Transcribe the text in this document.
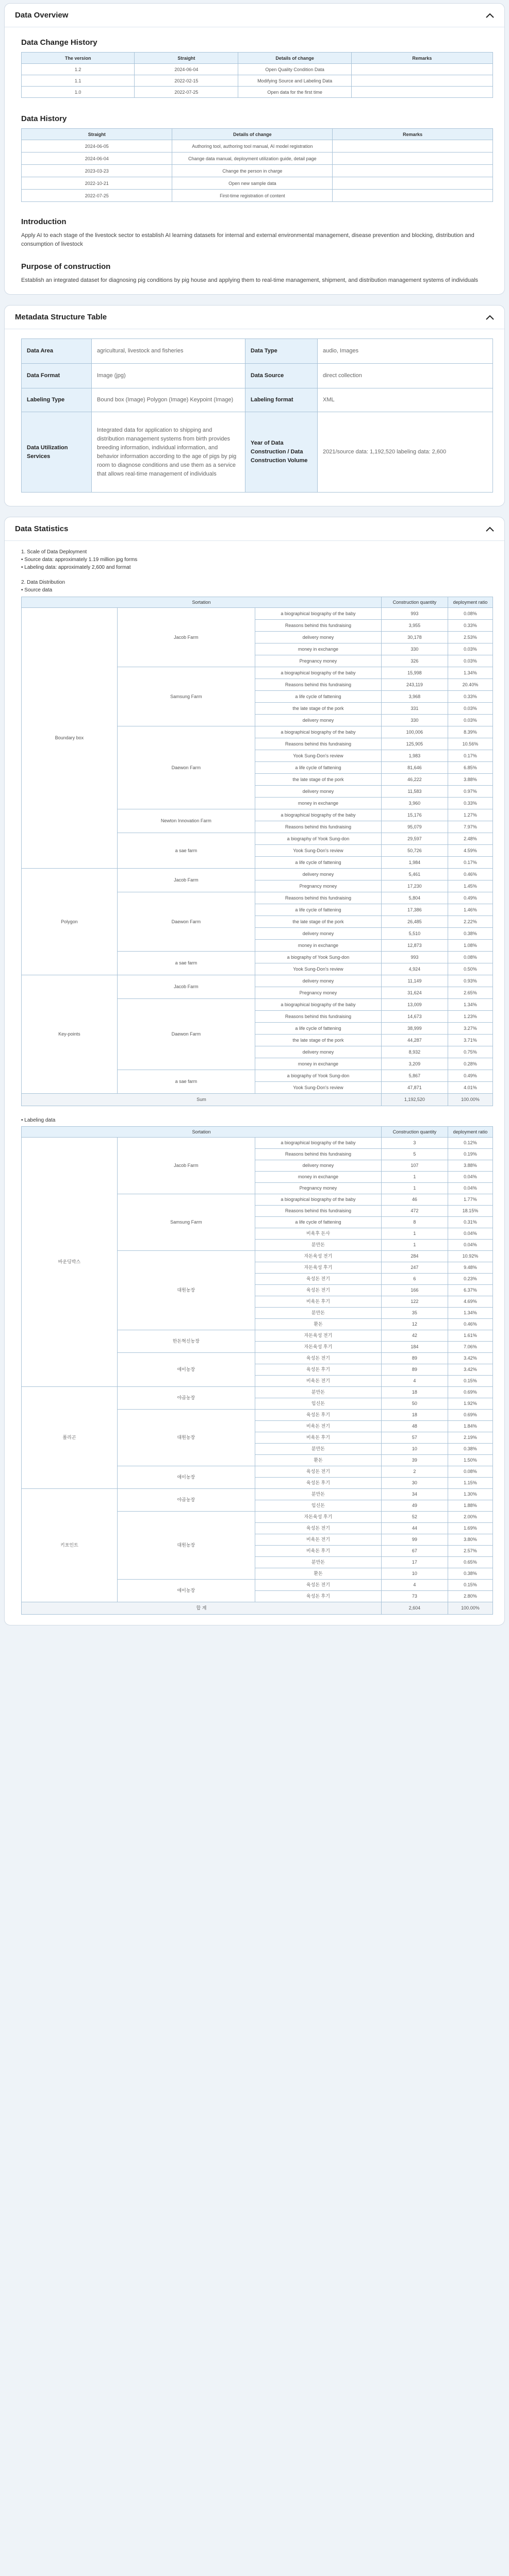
Data Overview
Data Change History
The version	Straight	Details of change	Remarks
1.2	2024-06-04	Open Quality Condition Data	
1.1	2022-02-15	Modifying Source and Labeling Data	
1.0	2022-07-25	Open data for the first time	
Data History
Straight	Details of change	Remarks
2024-06-05	Authoring tool, authoring tool manual, AI model registration	
2024-06-04	Change data manual, deployment utilization guide, detail page	
2023-03-23	Change the person in charge	
2022-10-21	Open new sample data	
2022-07-25	First-time registration of content	
Introduction

Apply AI to each stage of the livestock sector to establish AI learning datasets for internal and external environmental management, disease prevention and blocking, distribution and consumption of livestock

Purpose of construction

Establish an integrated dataset for diagnosing pig conditions by pig house and applying them to real-time management, shipment, and distribution management systems of individuals

Metadata Structure Table
Data Area	agricultural, livestock and fisheries	Data Type	audio, Images
Data Format	Image (jpg)	Data Source	direct collection
Labeling Type	Bound box (Image) Polygon (Image) Keypoint (Image)	Labeling format	XML
Data Utilization Services	Integrated data for application to shipping and distribution management systems from birth provides breeding information, individual information, and behavior information according to the age of pigs by pig room to diagnose conditions and use them as a service that allows real-time management of individuals	Year of Data Construction / Data Construction Volume	2021/source data: 1,192,520 labeling data: 2,600
Data Statistics
1. Scale of Data Deployment
• Source data: approximately 1.19 million jpg forms
• Labeling data: approximately 2,600 and format
2. Data Distribution
• Source data
Sortation			Construction quantity	deployment ratio
Boundary box	Jacob Farm	a biographical biography of the baby	993	0.08%
		Reasons behind this fundraising	3,955	0.33%
		delivery money	30,178	2.53%
		money in exchange	330	0.03%
		Pregnancy money	326	0.03%
	Samsung Farm	a biographical biography of the baby	15,998	1.34%
		Reasons behind this fundraising	243,119	20.40%
		a life cycle of fattening	3,968	0.33%
		the late stage of the pork	331	0.03%
		delivery money	330	0.03%
	Daewon Farm	a biographical biography of the baby	100,006	8.39%
		Reasons behind this fundraising	125,905	10.56%
		Yook Sung-Don's review	1,983	0.17%
		a life cycle of fattening	81,646	6.85%
		the late stage of the pork	46,222	3.88%
		delivery money	11,583	0.97%
		money in exchange	3,960	0.33%
	Newton Innovation Farm	a biographical biography of the baby	15,176	1.27%
		Reasons behind this fundraising	95,079	7.97%
	a sae farm	a biography of Yook Sung-don	29,597	2.48%
		Yook Sung-Don's review	50,726	4.59%
		a life cycle of fattening	1,984	0.17%
Polygon	Jacob Farm	delivery money	5,461	0.46%
		Pregnancy money	17,230	1.45%
	Daewon Farm	Reasons behind this fundraising	5,804	0.49%
		a life cycle of fattening	17,386	1.46%
		the late stage of the pork	26,485	2.22%
		delivery money	5,510	0.38%
		money in exchange	12,873	1.08%
	a sae farm	a biography of Yook Sung-don	993	0.08%
		Yook Sung-Don's review	4,924	0.50%
Key-points	Jacob Farm	delivery money	11,149	0.93%
		Pregnancy money	31,624	2.65%
	Daewon Farm	a biographical biography of the baby	13,009	1.34%
		Reasons behind this fundraising	14,673	1.23%
		a life cycle of fattening	38,999	3.27%
		the late stage of the pork	44,287	3.71%
		delivery money	8,932	0.75%
		money in exchange	3,209	0.28%
	a sae farm	a biography of Yook Sung-don	5,867	0.49%
		Yook Sung-Don's review	47,871	4.01%
Sum			1,192,520	100.00%
• Labeling data
Sortation			Construction quantity	deployment ratio
바운딩박스	Jacob Farm	a biographical biography of the baby	3	0.12%
		Reasons behind this fundraising	5	0.19%
		delivery money	107	3.88%
		money in exchange	1	0.04%
		Pregnancy money	1	0.04%
	Samsung Farm	a biographical biography of the baby	46	1.77%
		Reasons behind this fundraising	472	18.15%
		a life cycle of fattening	8	0.31%
		비육후 돈사	1	0.04%
		분만돈	1	0.04%
	대원농장	자돈육성 전기	284	10.92%
		자돈육성 후기	247	9.48%
		육성돈 전기	6	0.23%
		육성돈 전기	166	6.37%
		비육돈 후기	122	4.69%
		분만돈	35	1.34%
		환돈	12	0.46%
	한돈혁신농장	자돈육성 전기	42	1.61%
		자돈육성 후기	184	7.06%
	애이농장	육성돈 전기	89	3.42%
		육성돈 후기	89	3.42%
		비육돈 전기	4	0.15%
폴리곤	야곱농장	분만돈	18	0.69%
		임신돈	50	1.92%
	대원농장	육성돈 후기	18	0.69%
		비육돈 전기	48	1.84%
		비육돈 후기	57	2.19%
		분만돈	10	0.38%
		환돈	39	1.50%
	애이농장	육성돈 전기	2	0.08%
		육성돈 후기	30	1.15%
키포인트	야곱농장	분만돈	34	1.30%
		임신돈	49	1.88%
	대원농장	자돈육성 후기	52	2.00%
		육성돈 전기	44	1.69%
		비육돈 전기	99	3.80%
		비육돈 후기	67	2.57%
		분만돈	17	0.65%
		환돈	10	0.38%
	애이농장	육성돈 전기	4	0.15%
		육성돈 후기	73	2.80%
합 계			2,604	100.00%
